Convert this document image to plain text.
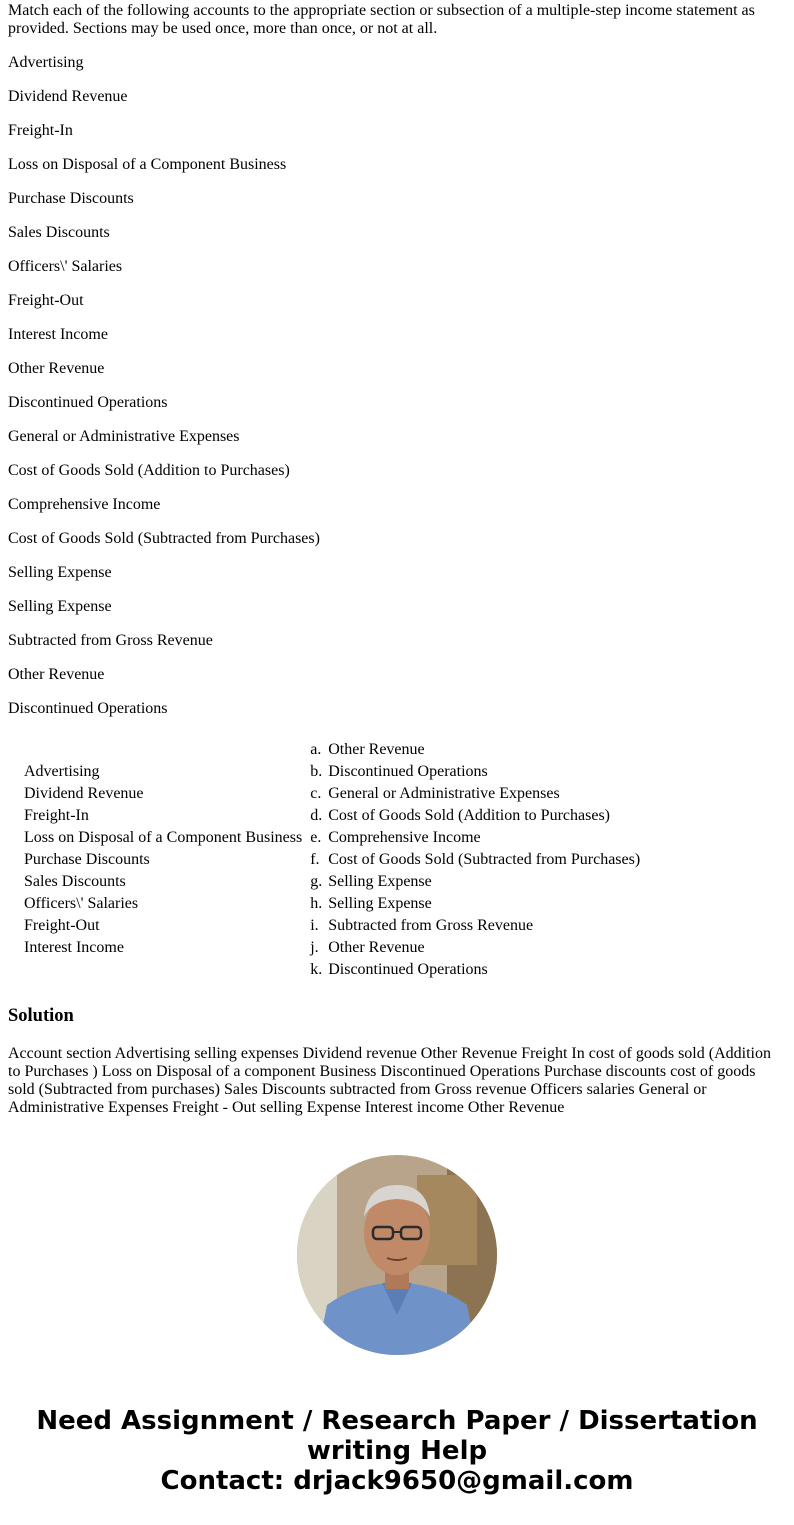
Match each of the following accounts to the appropriate section or subsection of a multiple-step income statement as provided. Sections may be used once, more than once, or not at all.

Advertising

Dividend Revenue

Freight-In

Loss on Disposal of a Component Business

Purchase Discounts

Sales Discounts

Officers\' Salaries

Freight-Out

Interest Income

Other Revenue

Discontinued Operations

General or Administrative Expenses

Cost of Goods Sold (Addition to Purchases)

Comprehensive Income

Cost of Goods Sold (Subtracted from Purchases)

Selling Expense

Selling Expense

Subtracted from Gross Revenue

Other Revenue

Discontinued Operations

	a.	Other Revenue
Advertising	b.	Discontinued Operations
Dividend Revenue	c.	General or Administrative Expenses
Freight-In	d.	Cost of Goods Sold (Addition to Purchases)
Loss on Disposal of a Component Business	e.	Comprehensive Income
Purchase Discounts	f.	Cost of Goods Sold (Subtracted from Purchases)
Sales Discounts	g.	Selling Expense
Officers\' Salaries	h.	Selling Expense
Freight-Out	i.	Subtracted from Gross Revenue
Interest Income	j.	Other Revenue
	k.	Discontinued Operations
Solution

Account section Advertising selling expenses Dividend revenue Other Revenue Freight In cost of goods sold (Addition to Purchases ) Loss on Disposal of a component Business Discontinued Operations Purchase discounts cost of goods sold (Subtracted from purchases) Sales Discounts subtracted from Gross revenue Officers salaries General or Administrative Expenses Freight - Out selling Expense Interest income Other Revenue

Need Assignment / Research Paper / Dissertation
writing Help
Contact: drjack9650@gmail.com
